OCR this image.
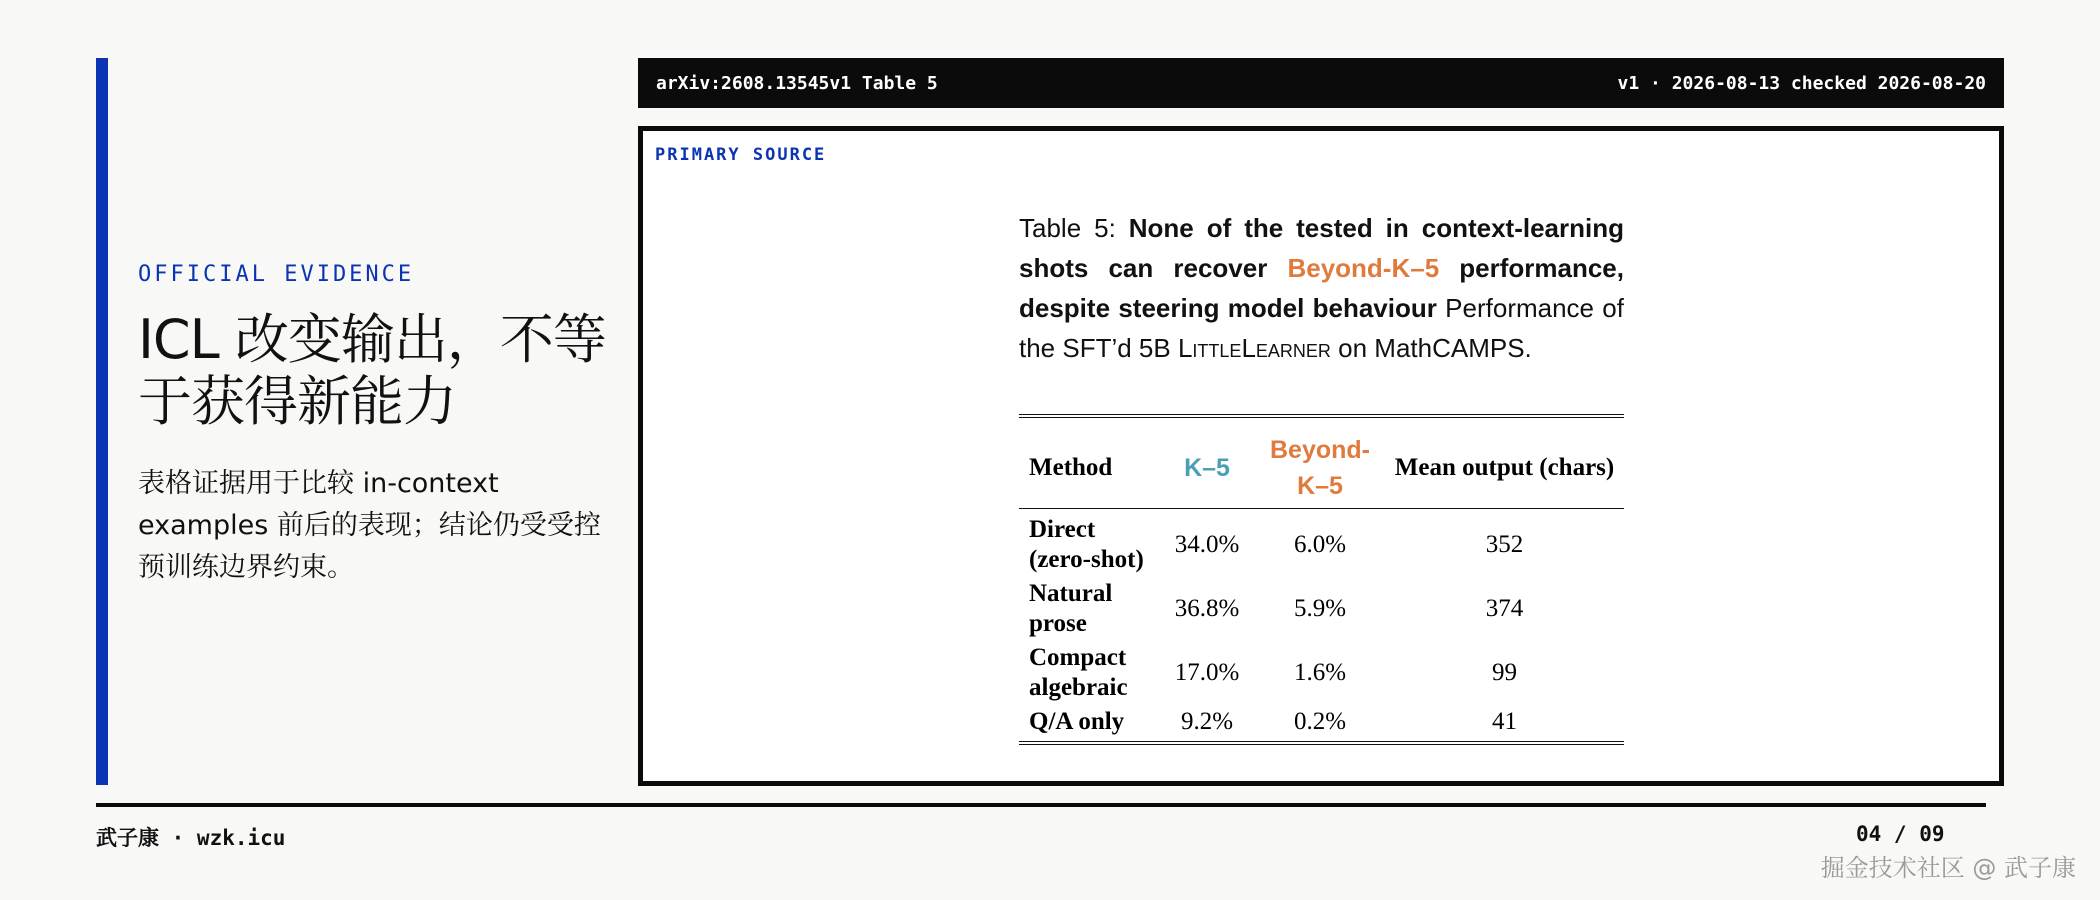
OFFICIAL EVIDENCE

ICL 改变输出，不等于获得新能力

表格证据用于比较 in-context examples 前后的表现；结论仍受受控预训练边界约束。

arXiv:2608.13545v1 Table 5	v1 · 2026-08-13 checked 2026-08-20
PRIMARY SOURCE

Table 5: None of the tested in context-learning shots can recover Beyond-K–5 performance, despite steering model behaviour Performance of the SFT’d 5B LittleLearner on MathCAMPS.

Method	K–5	Beyond-K–5	Mean output (chars)
Direct (zero-shot)	34.0%	6.0%	352
Natural prose	36.8%	5.9%	374
Compact algebraic	17.0%	1.6%	99
Q/A only	9.2%	0.2%	41
武子康 · wzk.icu	04 / 09
掘金技术社区 @ 武子康
